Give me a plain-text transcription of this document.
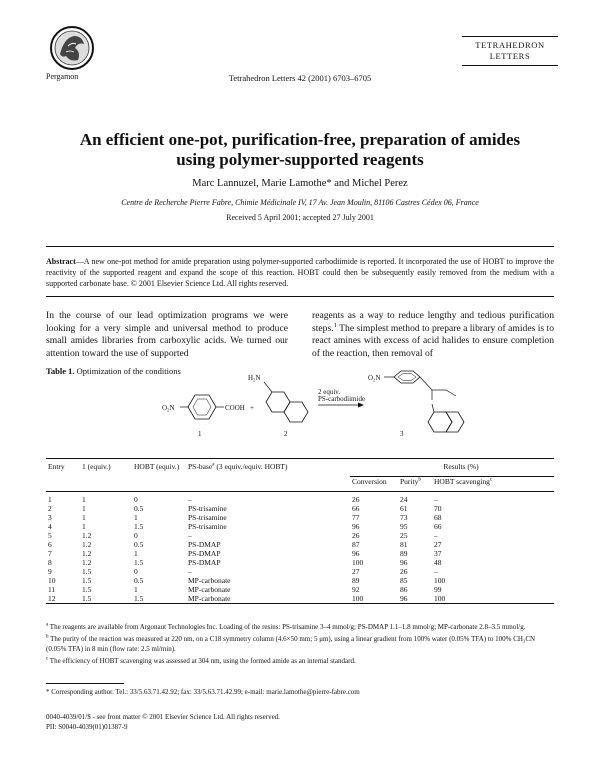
Pergamon	Tetrahedron Letters 42 (2001) 6703–6705
TETRAHEDRON
LETTERS
An efficient one-pot, purification-free, preparation of amides
using polymer-supported reagents
Marc Lannuzel, Marie Lamothe* and Michel Perez
Centre de Recherche Pierre Fabre, Chimie Médicinale IV, 17 Av. Jean Moulin, 81106 Castres Cédex 06, France
Received 5 April 2001; accepted 27 July 2001
Abstract—A new one-pot method for amide preparation using polymer-supported carbodiimide is reported. It incorporated the use of HOBT to improve the reactivity of the supported reagent and expand the scope of this reaction. HOBT could then be subsequently easily removed from the medium with a supported carbonate base. © 2001 Elsevier Science Ltd. All rights reserved.
In the course of our lead optimization programs we were looking for a very simple and universal method to produce small amides libraries from carboxylic acids. We turned our attention toward the use of supported
reagents as a way to reduce lengthy and tedious purification steps.$^1$ The simplest method to prepare a library of amides is to react amines with excess of acid halides to ensure completion of the reaction, then removal of
Table 1. Optimization of the conditions
O₂N	COOH
1
+
H₂N
2
2 equiv.
PS-carbodiimide
O₂N
3
Entry	1 (equiv.)	HOBT (equiv.)	PS-base$^a$ (3 equiv./equiv. HOBT)	Results (%)		
				Conversion	Purity$^b$	HOBT scavenging$^c$
1	1	0	–	26	24	–
2	1	0.5	PS-trisamine	66	61	70
3	1	1	PS-trisamine	77	73	68
4	1	1.5	PS-trisamine	96	95	66
5	1.2	0	–	26	25	–
6	1.2	0.5	PS-DMAP	87	81	27
7	1.2	1	PS-DMAP	96	89	37
8	1.2	1.5	PS-DMAP	100	96	48
9	1.5	0	–	27	26	–
10	1.5	0.5	MP-carbonate	89	85	100
11	1.5	1	MP-carbonate	92	86	99
12	1.5	1.5	MP-carbonate	100	96	100

$^a$ The reagents are available from Argonaut Technologies Inc. Loading of the resins: PS-trisamine 3–4 mmol/g; PS-DMAP 1.1–1.8 mmol/g; MP-carbonate 2.8–3.5 mmol/g.

$^b$ The purity of the reaction was measured at 220 nm, on a C18 symmetry column (4.6×50 mm; 5 μm), using a linear gradient from 100% water (0.05% TFA) to 100% CH₃CN (0.05% TFA) in 8 min (flow rate: 2.5 ml/min).

$^c$ The efficiency of HOBT scavenging was assessed at 304 nm, using the formed amide as an internal standard.

* Corresponding author. Tel.: 33/5.63.71.42.92; fax: 33/5.63.71.42.99; e-mail: marie.lamothe@pierre-fabre.com
0040-4039/01/$ - see front matter © 2001 Elsevier Science Ltd. All rights reserved.
PII: S0040-4039(01)01387-9
